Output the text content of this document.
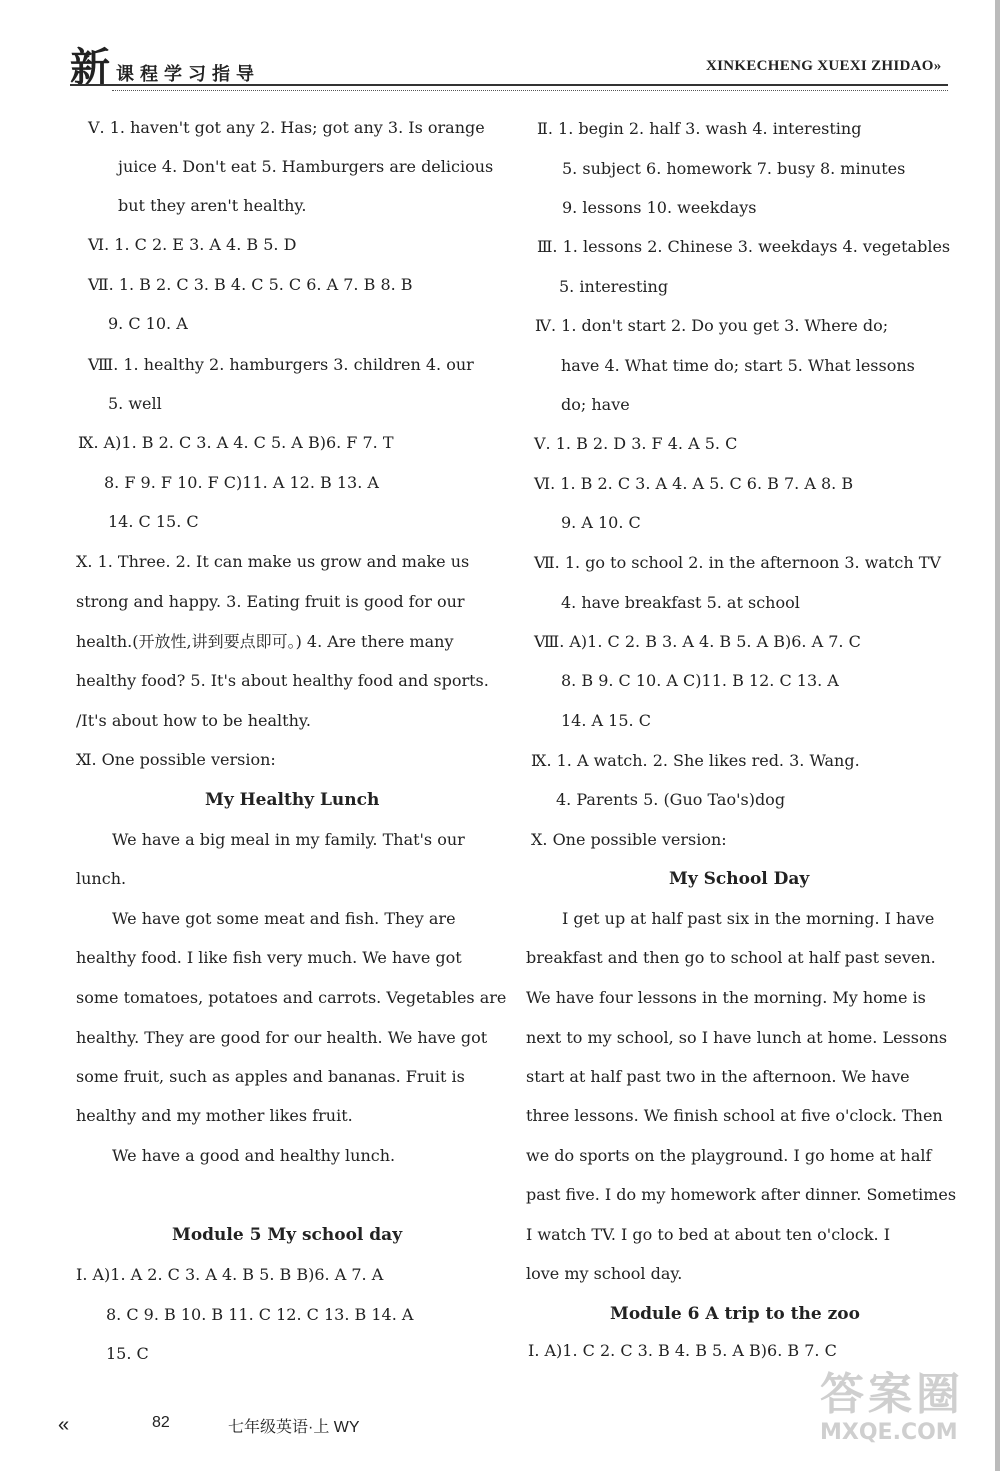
新 课程学习指导	XINKECHENG XUEXI ZHIDAO»
«	82	七年级英语·上 WY
答案圈
MXQE.COM
Ⅴ. 1. haven't got any 2. Has; got any 3. Is orange
juice 4. Don't eat 5. Hamburgers are delicious
but they aren't healthy.
Ⅵ. 1. C 2. E 3. A 4. B 5. D
Ⅶ. 1. B 2. C 3. B 4. C 5. C 6. A 7. B 8. B
9. C 10. A
Ⅷ. 1. healthy 2. hamburgers 3. children 4. our
5. well
Ⅸ. A)1. B 2. C 3. A 4. C 5. A B)6. F 7. T
8. F 9. F 10. F C)11. A 12. B 13. A
14. C 15. C
Ⅹ. 1. Three. 2. It can make us grow and make us
strong and happy. 3. Eating fruit is good for our
health.(开放性,讲到要点即可。) 4. Are there many
healthy food? 5. It's about healthy food and sports.
/It's about how to be healthy.
Ⅺ. One possible version:
We have a big meal in my family. That's our
lunch.
We have got some meat and fish. They are
healthy food. I like fish very much. We have got
some tomatoes, potatoes and carrots. Vegetables are
healthy. They are good for our health. We have got
some fruit, such as apples and bananas. Fruit is
healthy and my mother likes fruit.
We have a good and healthy lunch.
Ⅰ. A)1. A 2. C 3. A 4. B 5. B B)6. A 7. A
8. C 9. B 10. B 11. C 12. C 13. B 14. A
15. C
Ⅱ. 1. begin 2. half 3. wash 4. interesting
5. subject 6. homework 7. busy 8. minutes
9. lessons 10. weekdays
Ⅲ. 1. lessons 2. Chinese 3. weekdays 4. vegetables
5. interesting
Ⅳ. 1. don't start 2. Do you get 3. Where do;
have 4. What time do; start 5. What lessons
do; have
Ⅴ. 1. B 2. D 3. F 4. A 5. C
Ⅵ. 1. B 2. C 3. A 4. A 5. C 6. B 7. A 8. B
9. A 10. C
Ⅶ. 1. go to school 2. in the afternoon 3. watch TV
4. have breakfast 5. at school
Ⅷ. A)1. C 2. B 3. A 4. B 5. A B)6. A 7. C
8. B 9. C 10. A C)11. B 12. C 13. A
14. A 15. C
Ⅸ. 1. A watch. 2. She likes red. 3. Wang.
4. Parents 5. (Guo Tao's)dog
Ⅹ. One possible version:
I get up at half past six in the morning. I have
breakfast and then go to school at half past seven.
We have four lessons in the morning. My home is
next to my school, so I have lunch at home. Lessons
start at half past two in the afternoon. We have
three lessons. We finish school at five o'clock. Then
we do sports on the playground. I go home at half
past five. I do my homework after dinner. Sometimes
I watch TV. I go to bed at about ten o'clock. I
love my school day.
Ⅰ. A)1. C 2. C 3. B 4. B 5. A B)6. B 7. C
My Healthy Lunch
Module 5 My school day
My School Day
Module 6 A trip to the zoo
